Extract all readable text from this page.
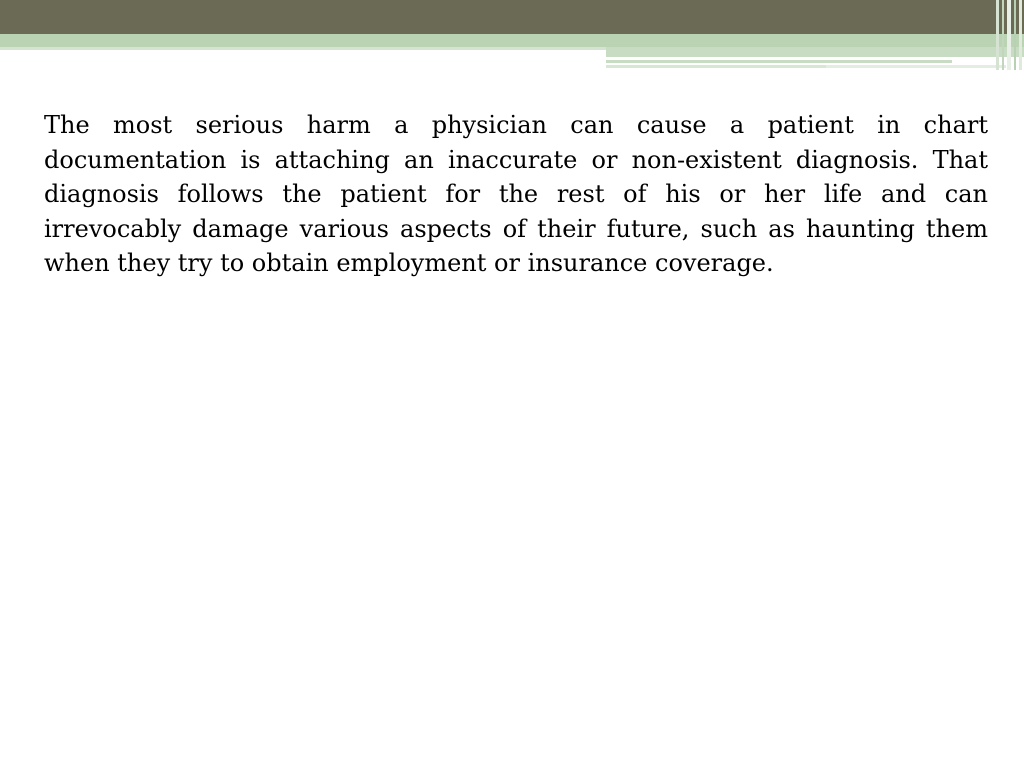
The most serious harm a physician can cause a patient in chart documentation is attaching an inaccurate or non-existent diagnosis. That diagnosis follows the patient for the rest of his or her life and can irrevocably damage various aspects of their future, such as haunting them when they try to obtain employment or insurance coverage.
